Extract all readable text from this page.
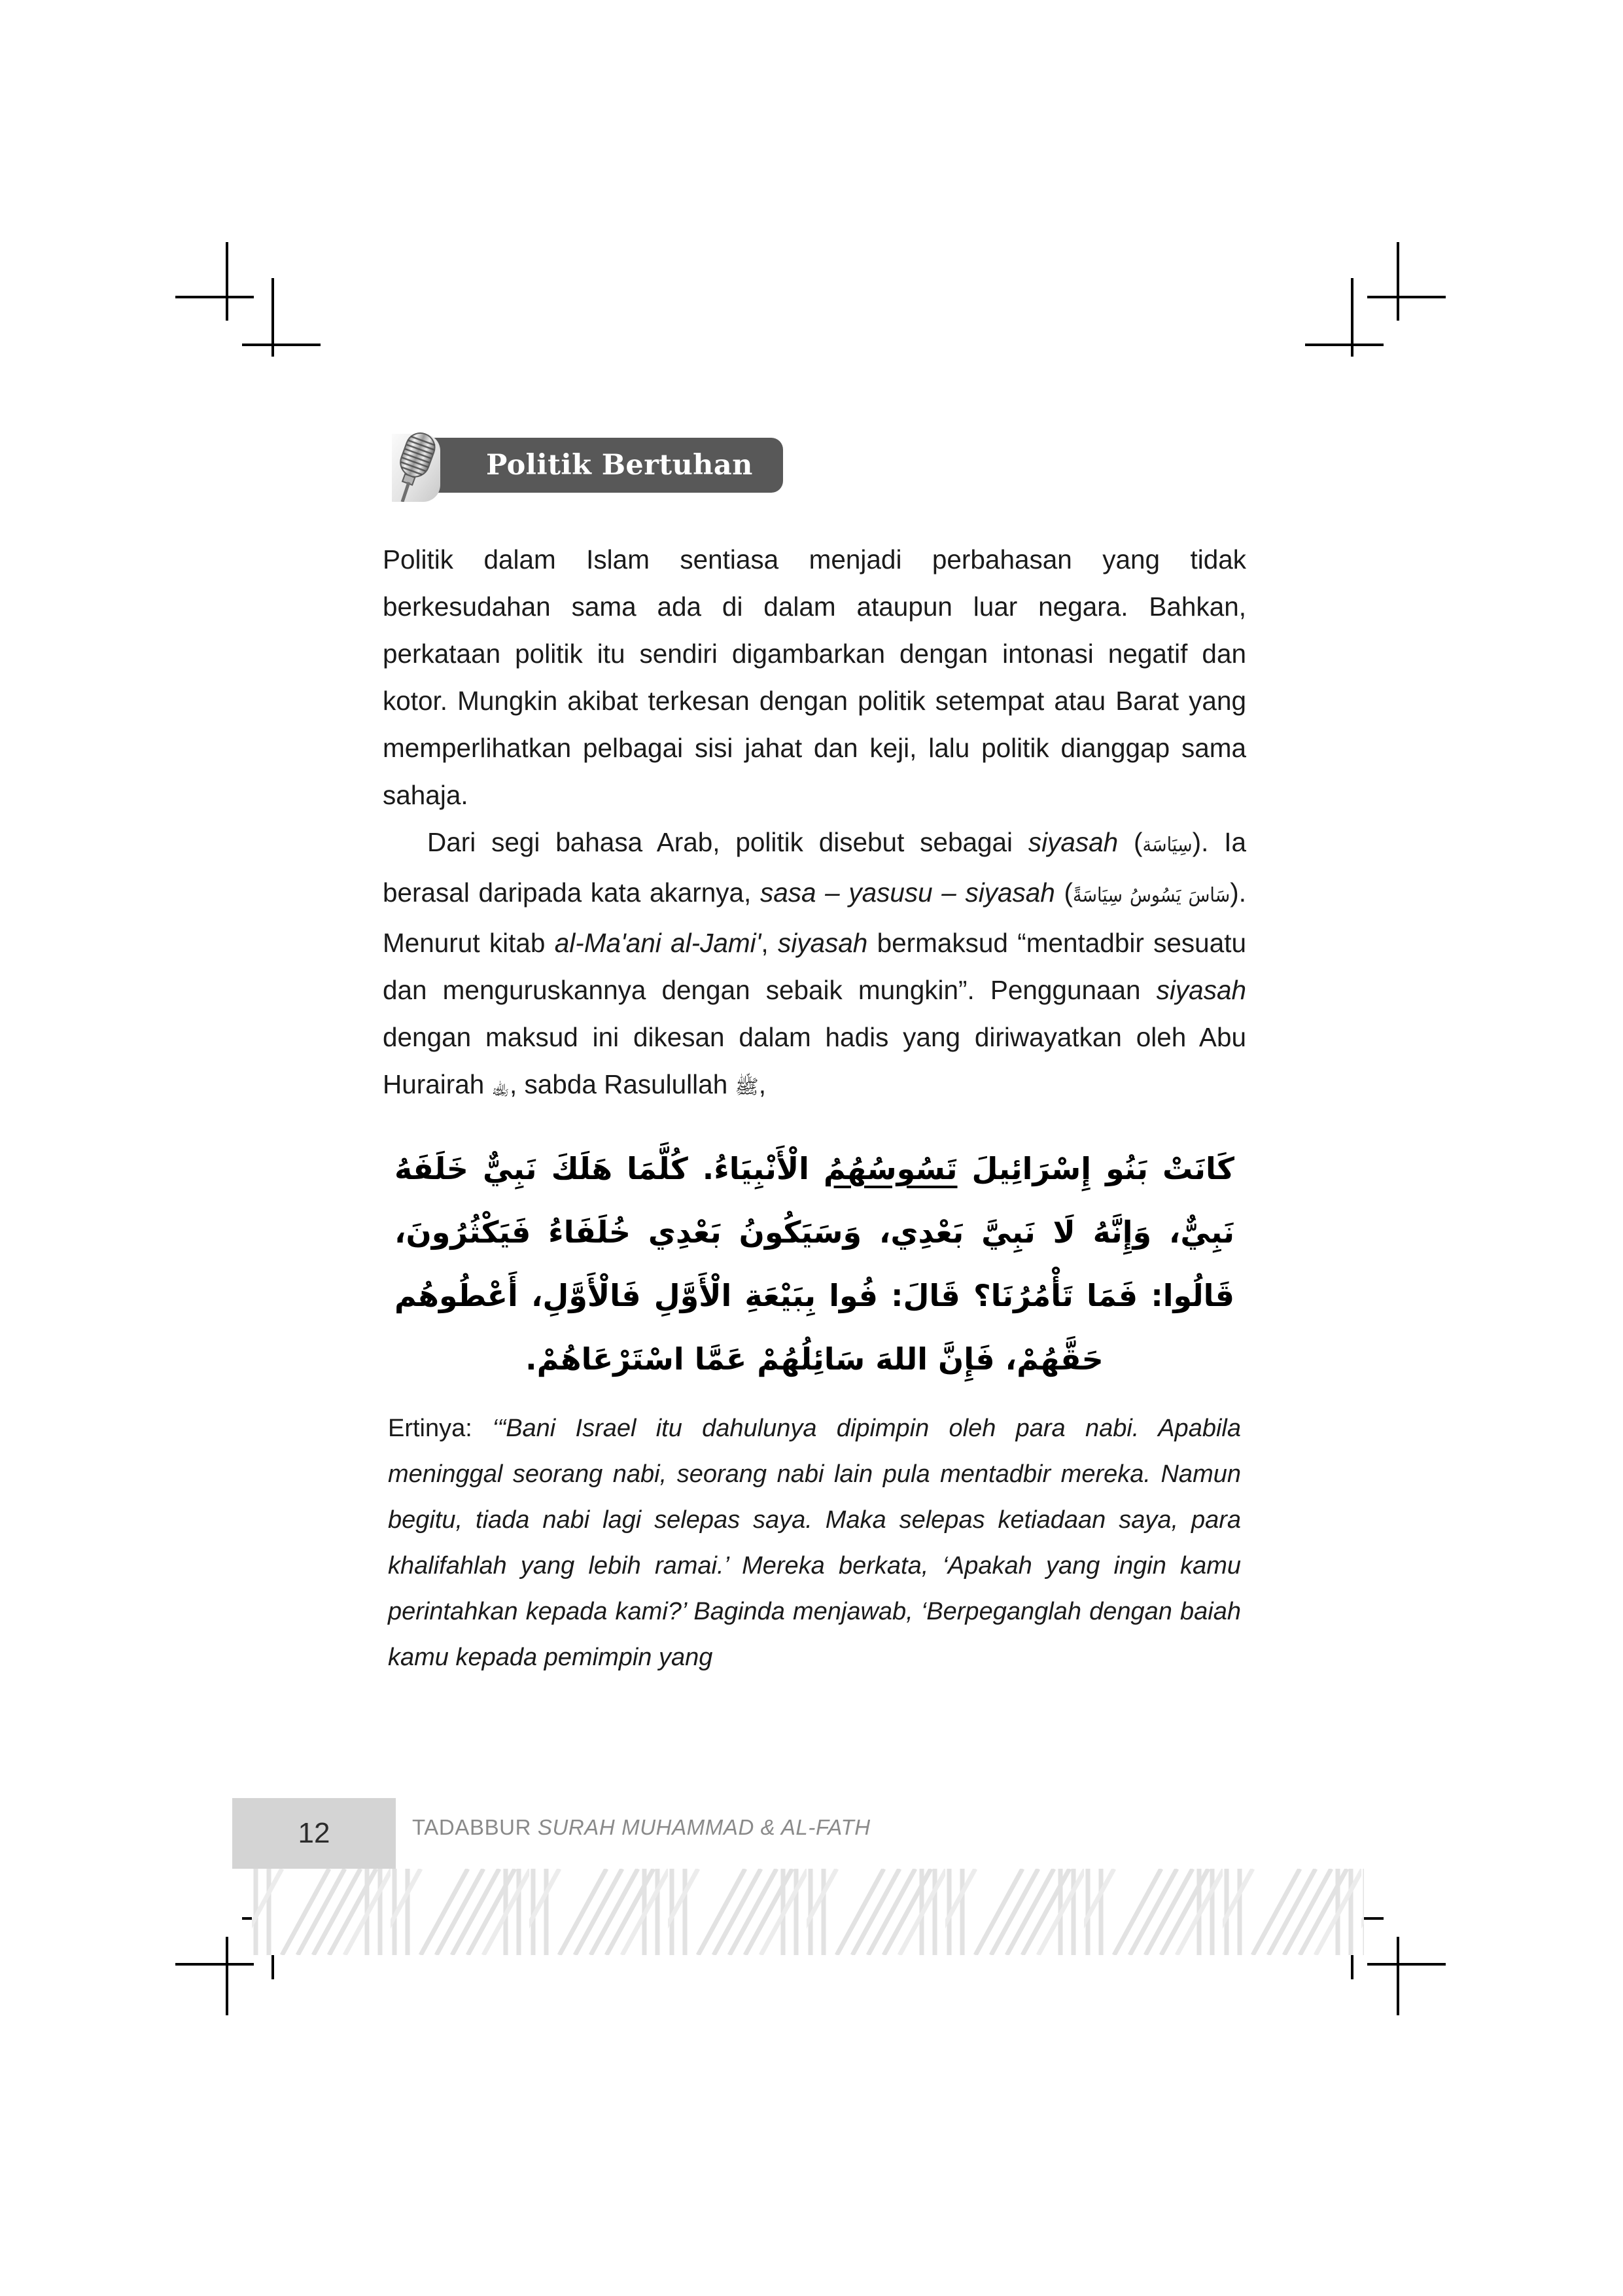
Politik Bertuhan

Politik dalam Islam sentiasa menjadi perbahasan yang tidak berkesudahan sama ada di dalam ataupun luar negara. Bahkan, perkataan politik itu sendiri digambarkan dengan intonasi negatif dan kotor. Mungkin akibat terkesan dengan politik setempat atau Barat yang memperlihatkan pelbagai sisi jahat dan keji, lalu politik dianggap sama sahaja.

Dari segi bahasa Arab, politik disebut sebagai siyasah (سِيَاسَة). Ia berasal daripada kata akarnya, sasa – yasusu – siyasah (سَاسَ يَسُوسُ سِيَاسَةً). Menurut kitab al-Ma'ani al-Jami', siyasah bermaksud “mentadbir sesuatu dan menguruskannya dengan sebaik mungkin”. Penggunaan siyasah dengan maksud ini dikesan dalam hadis yang diriwayatkan oleh Abu Hurairah ﵀, sabda Rasulullah ﷺ,

كَانَتْ بَنُو إِسْرَائِيلَ تَسُوسُهُمُ الْأَنْبِيَاءُ. كُلَّمَا هَلَكَ نَبِيٌّ خَلَفَهُ نَبِيٌّ، وَإِنَّهُ لَا نَبِيَّ بَعْدِي، وَسَيَكُونُ بَعْدِي خُلَفَاءُ فَيَكْثُرُونَ، قَالُوا: فَمَا تَأْمُرُنَا؟ قَالَ: فُوا بِبَيْعَةِ الْأَوَّلِ فَالْأَوَّلِ، أَعْطُوهُم حَقَّهُمْ، فَإِنَّ اللهَ سَائِلُهُمْ عَمَّا اسْتَرْعَاهُمْ.

Ertinya: ‘“Bani Israel itu dahulunya dipimpin oleh para nabi. Apabila meninggal seorang nabi, seorang nabi lain pula mentadbir mereka. Namun begitu, tiada nabi lagi selepas saya. Maka selepas ketiadaan saya, para khalifahlah yang lebih ramai.’ Mereka berkata, ‘Apakah yang ingin kamu perintahkan kepada kami?’ Baginda menjawab, ‘Berpeganglah dengan baiah kamu kepada pemimpin yang

12	TADABBUR SURAH MUHAMMAD & AL-FATH
